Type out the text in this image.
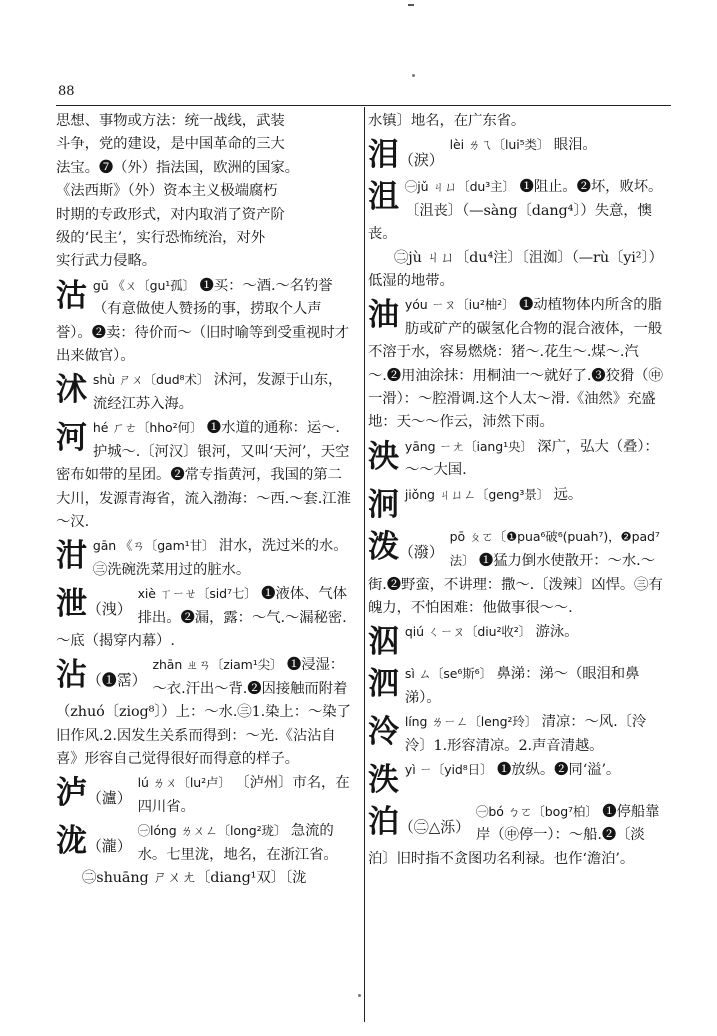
88

思想、事物或方法：统一战线，武装

斗争，党的建设，是中国革命的三大

法宝。❼（外）指法国，欧洲的国家。

《法西斯》（外）资本主义极端腐朽

时期的专政形式，对内取消了资产阶

级的‘民主’，实行恐怖统治，对外

实行武力侵略。

沽 gū 《ㄨ〔gu¹孤〕 ❶买：～酒.～名钓誉（有意做使人赞扬的事，捞取个人声誉）。❷卖：待价而～（旧时喻等到受重视时才出来做官）。
沭 shù ㄕㄨ〔dud⁸术〕 沭河，发源于山东，流经江苏入海。
河 hé ㄏㄜ〔hho²何〕 ❶水道的通称：运～.护城～.〔河汉〕银河，又叫‘天河’，天空密布如带的星团。❷常专指黄河，我国的第二大川，发源青海省，流入渤海：～西.～套.江淮～汉.
泔 gān 《ㄢ〔gam¹甘〕 泔水，洗过米的水。㊂洗碗洗菜用过的脏水。
泄（洩）
xiè ㄒㄧㄝ〔sid⁷七〕 ❶液体、气体排出。❷漏，露：～气.～漏秘密.～底（揭穿内幕）.
沾（❶霑）
zhān ㄓㄢ〔ziam¹尖〕 ❶浸湿：～衣.汗出～背.❷因接触而附着（zhuó〔ziog⁸〕）上：～水.㊂1.染上：～染了旧作风.2.因发生关系而得到：～光.《沾沾自喜》形容自己觉得很好而得意的样子。
泸（瀘）
lú ㄌㄨ〔lu²卢〕 〔泸州〕市名，在四川省。
泷（瀧）
㊀lóng ㄌㄨㄥ〔long²珑〕 急流的水。七里泷，地名，在浙江省。

㊁shuāng ㄕㄨㄤ〔diang¹双〕〔泷

水镇〕地名，在广东省。

泪（淚）
lèi ㄌㄟ〔lui⁵类〕 眼泪。
沮 ㊀jǔ ㄐㄩ〔du³主〕 ❶阻止。❷坏，败坏。〔沮丧〕（—sàng〔dang⁴〕）失意，懊丧。

㊁jù ㄐㄩ〔du⁴注〕〔沮洳〕（—rù〔yi²〕）低湿的地带。

油 yóu ㄧㄡ〔iu²柚²〕 ❶动植物体内所含的脂肪或矿产的碳氢化合物的混合液体，一般不溶于水，容易燃烧：猪～.花生～.煤～.汽～.❷用油涂抹：用桐油一～就好了.❸狡猾（㊥一滑）：～腔滑调.这个人太～滑.《油然》充盛地：天～～作云，沛然下雨。
泱 yāng ㄧㄤ〔iang¹央〕 深广，弘大（叠）：～～大国.
泂 jiǒng ㄐㄩㄥ〔geng³景〕 远。
泼（潑）
pō ㄆㄛ〔❶pua⁶破⁶(puah⁷)，❷pad⁷法〕 ❶猛力倒水使散开：～水.～街.❷野蛮，不讲理：撒～.〔泼辣〕凶悍。㊂有魄力，不怕困难：他做事很～～.
泅 qiú ㄑㄧㄡ〔diu²收²〕 游泳。
泗 sì ㄙ〔se⁶斯⁶〕 鼻涕：涕～（眼泪和鼻涕）。
泠 líng ㄌㄧㄥ〔leng²玲〕 清凉：～风.〔泠泠〕1.形容清凉。2.声音清越。
泆 yì ㄧ〔yid⁸日〕 ❶放纵。❷同‘溢’。
泊（㊁△泺）
㊀bó ㄅㄛ〔bog⁷柏〕 ❶停船靠岸（㊥停一）：～船.❷〔淡泊〕旧时指不贪图功名利禄。也作‘澹泊’。
